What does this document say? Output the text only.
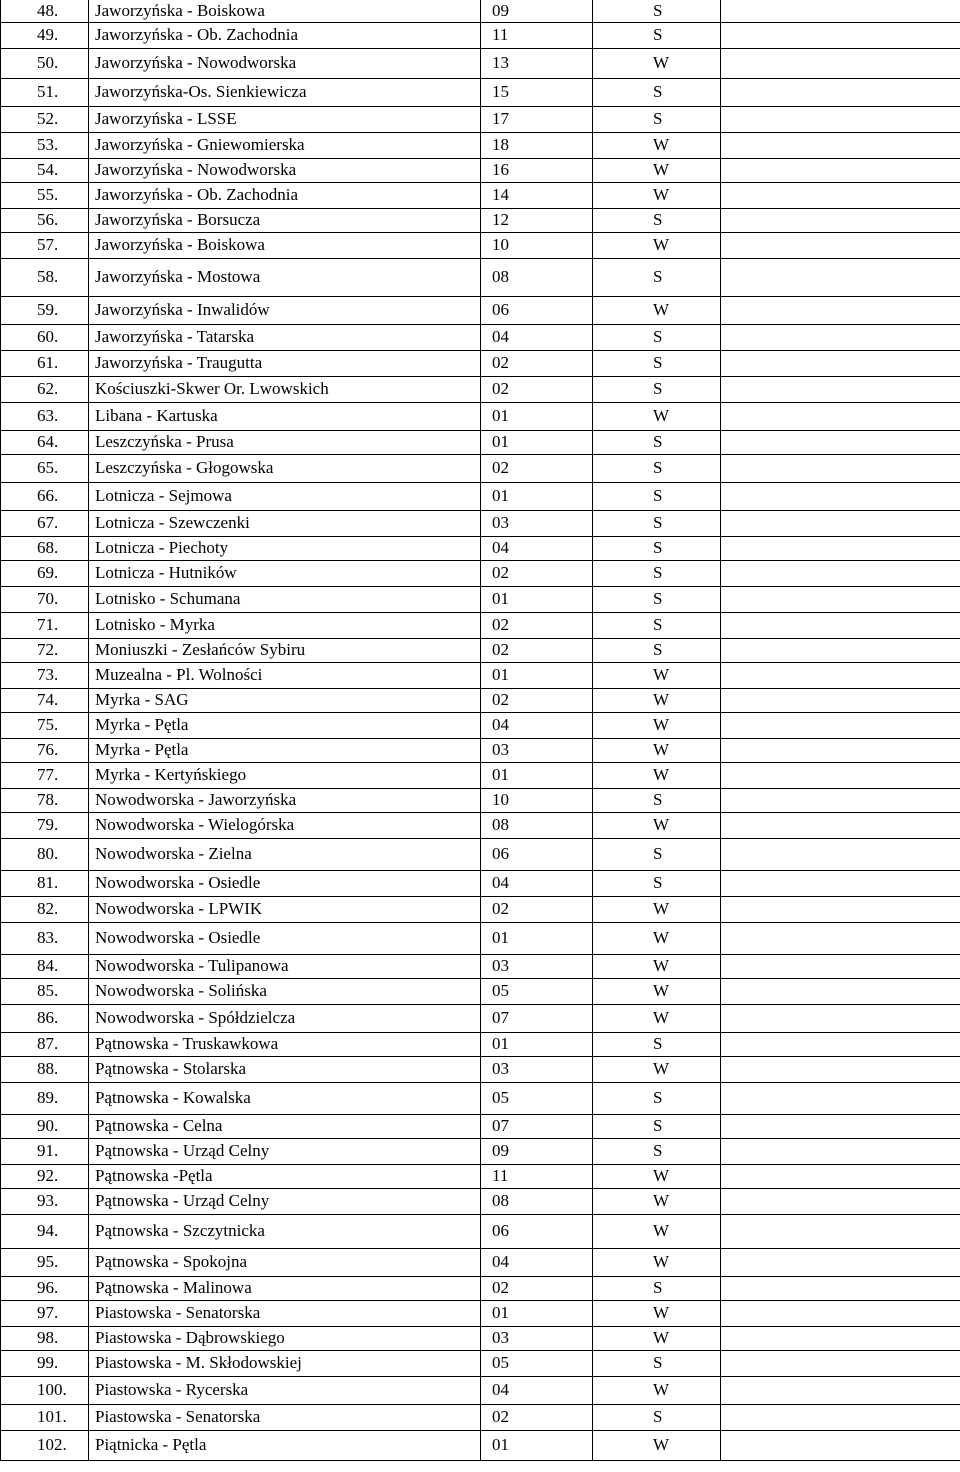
48.	Jaworzyńska - Boiskowa	09	S	
49.	Jaworzyńska - Ob. Zachodnia	11	S	
50.	Jaworzyńska - Nowodworska	13	W	
51.	Jaworzyńska-Os. Sienkiewicza	15	S	
52.	Jaworzyńska - LSSE	17	S	
53.	Jaworzyńska - Gniewomierska	18	W	
54.	Jaworzyńska - Nowodworska	16	W	
55.	Jaworzyńska - Ob. Zachodnia	14	W	
56.	Jaworzyńska - Borsucza	12	S	
57.	Jaworzyńska - Boiskowa	10	W	
58.	Jaworzyńska - Mostowa	08	S	
59.	Jaworzyńska - Inwalidów	06	W	
60.	Jaworzyńska - Tatarska	04	S	
61.	Jaworzyńska - Traugutta	02	S	
62.	Kościuszki-Skwer Or. Lwowskich	02	S	
63.	Libana - Kartuska	01	W	
64.	Leszczyńska - Prusa	01	S	
65.	Leszczyńska - Głogowska	02	S	
66.	Lotnicza - Sejmowa	01	S	
67.	Lotnicza - Szewczenki	03	S	
68.	Lotnicza - Piechoty	04	S	
69.	Lotnicza - Hutników	02	S	
70.	Lotnisko - Schumana	01	S	
71.	Lotnisko - Myrka	02	S	
72.	Moniuszki - Zesłańców Sybiru	02	S	
73.	Muzealna - Pl. Wolności	01	W	
74.	Myrka - SAG	02	W	
75.	Myrka - Pętla	04	W	
76.	Myrka - Pętla	03	W	
77.	Myrka - Kertyńskiego	01	W	
78.	Nowodworska - Jaworzyńska	10	S	
79.	Nowodworska - Wielogórska	08	W	
80.	Nowodworska - Zielna	06	S	
81.	Nowodworska - Osiedle	04	S	
82.	Nowodworska - LPWIK	02	W	
83.	Nowodworska - Osiedle	01	W	
84.	Nowodworska - Tulipanowa	03	W	
85.	Nowodworska - Solińska	05	W	
86.	Nowodworska - Spółdzielcza	07	W	
87.	Pątnowska - Truskawkowa	01	S	
88.	Pątnowska - Stolarska	03	W	
89.	Pątnowska - Kowalska	05	S	
90.	Pątnowska - Celna	07	S	
91.	Pątnowska - Urząd Celny	09	S	
92.	Pątnowska -Pętla	11	W	
93.	Pątnowska - Urząd Celny	08	W	
94.	Pątnowska - Szczytnicka	06	W	
95.	Pątnowska - Spokojna	04	W	
96.	Pątnowska - Malinowa	02	S	
97.	Piastowska - Senatorska	01	W	
98.	Piastowska - Dąbrowskiego	03	W	
99.	Piastowska - M. Skłodowskiej	05	S	
100.	Piastowska - Rycerska	04	W	
101.	Piastowska - Senatorska	02	S	
102.	Piątnicka - Pętla	01	W	
